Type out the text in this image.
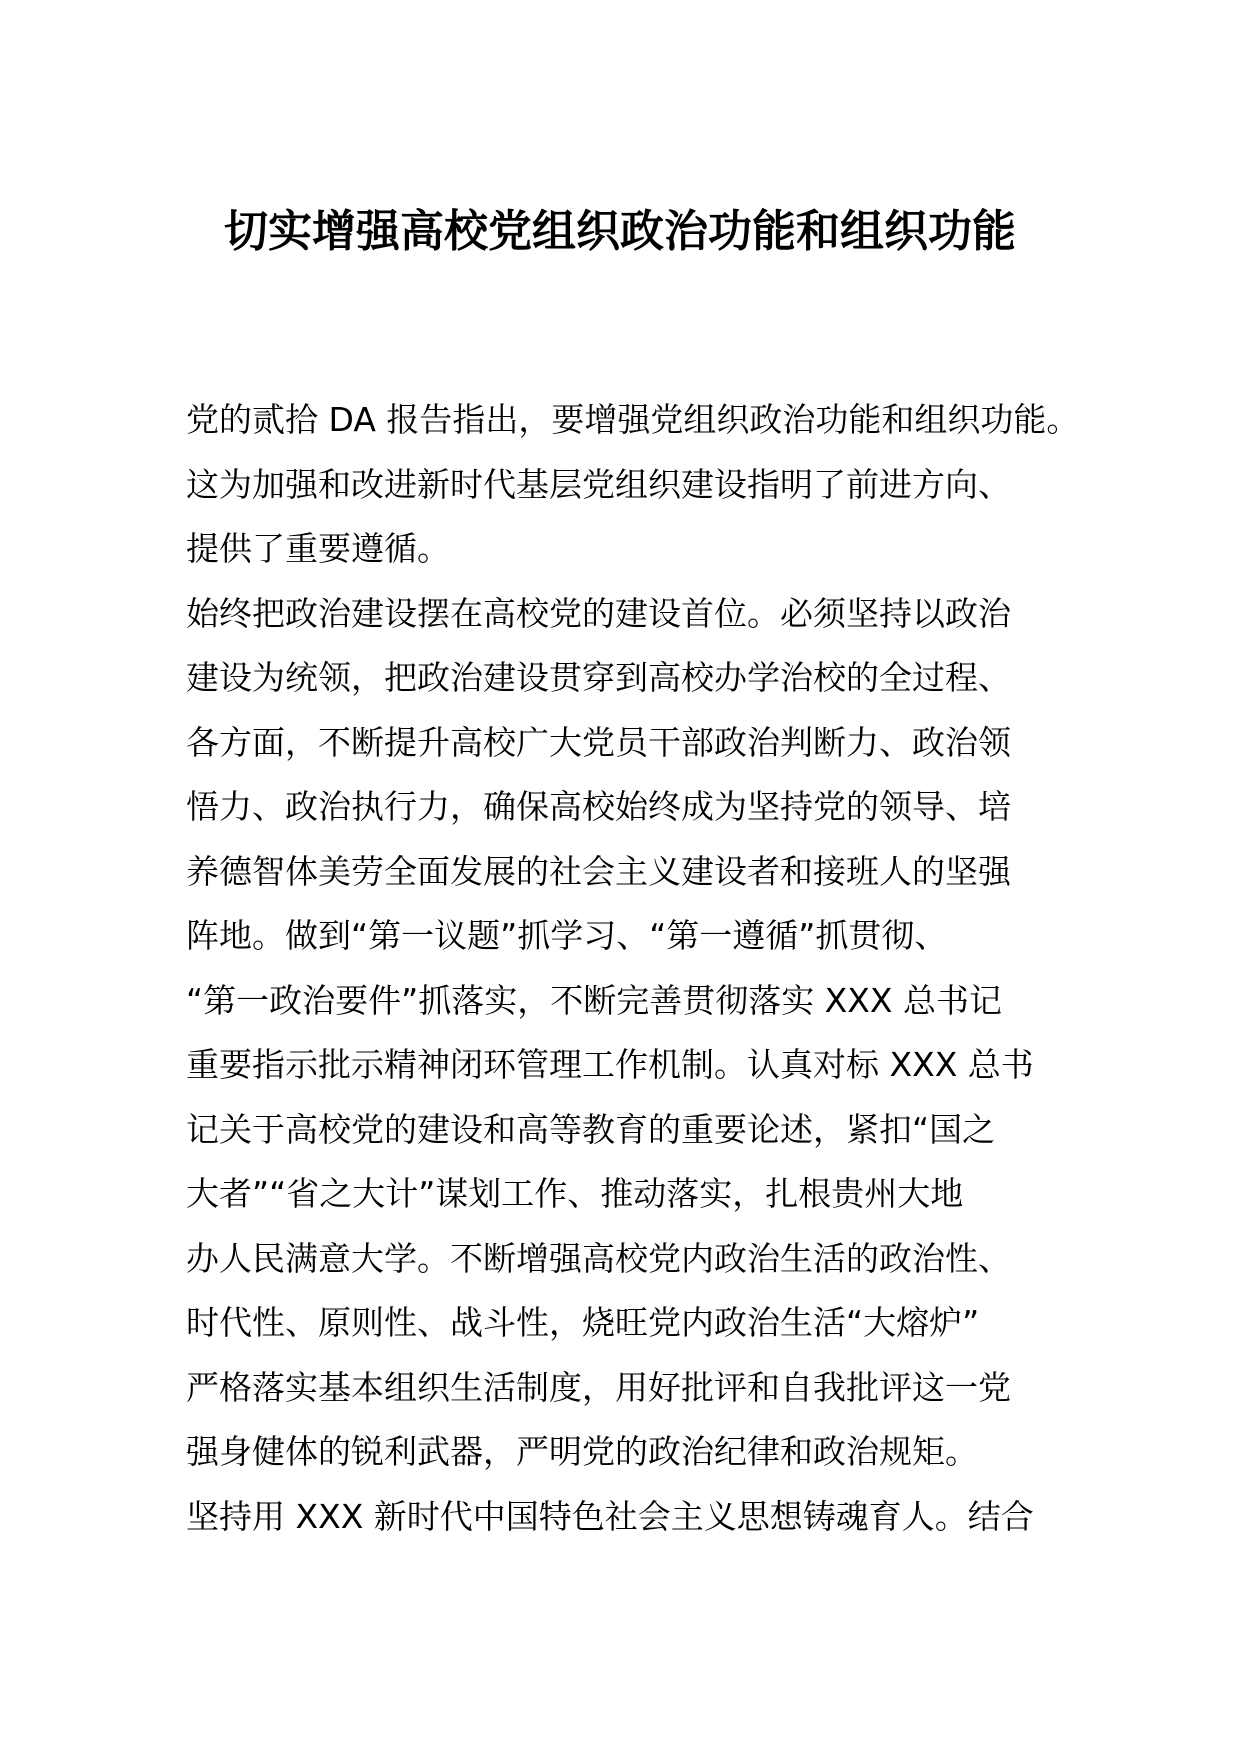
切实增强高校党组织政治功能和组织功能
党的贰拾 DA 报告指出，要增强党组织政治功能和组织功能。
这为加强和改进新时代基层党组织建设指明了前进方向、
提供了重要遵循。
始终把政治建设摆在高校党的建设首位。必须坚持以政治
建设为统领，把政治建设贯穿到高校办学治校的全过程、
各方面，不断提升高校广大党员干部政治判断力、政治领
悟力、政治执行力，确保高校始终成为坚持党的领导、培
养德智体美劳全面发展的社会主义建设者和接班人的坚强
阵地。做到“第一议题”抓学习、“第一遵循”抓贯彻、
“第一政治要件”抓落实，不断完善贯彻落实 XXX 总书记
重要指示批示精神闭环管理工作机制。认真对标 XXX 总书
记关于高校党的建设和高等教育的重要论述，紧扣“国之
大者”“省之大计”谋划工作、推动落实，扎根贵州大地
办人民满意大学。不断增强高校党内政治生活的政治性、
时代性、原则性、战斗性，烧旺党内政治生活“大熔炉”
严格落实基本组织生活制度，用好批评和自我批评这一党
强身健体的锐利武器，严明党的政治纪律和政治规矩。
坚持用 XXX 新时代中国特色社会主义思想铸魂育人。结合
